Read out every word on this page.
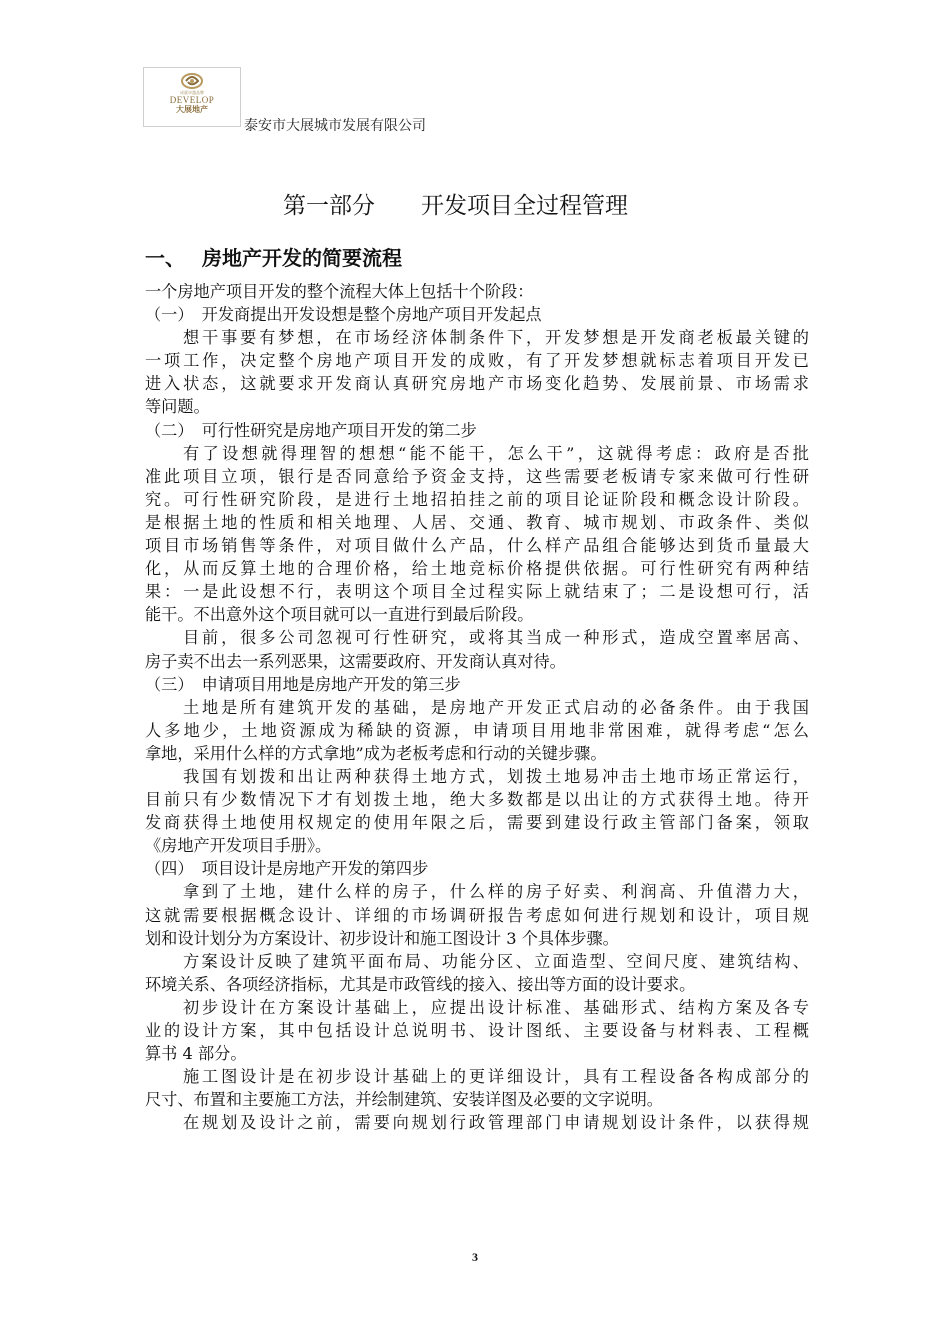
成就卓越品牌
DEVELOP
大展地产
泰安市大展城市发展有限公司
第一部分　　开发项目全过程管理
一、　 房地产开发的简要流程
一个房地产项目开发的整个流程大体上包括十个阶段：
（一）　开发商提出开发设想是整个房地产项目开发起点
想干事要有梦想，在市场经济体制条件下，开发梦想是开发商老板最关键的
一项工作，决定整个房地产项目开发的成败，有了开发梦想就标志着项目开发已
进入状态，这就要求开发商认真研究房地产市场变化趋势、发展前景、市场需求
等问题。
（二）　可行性研究是房地产项目开发的第二步
有了设想就得理智的想想“能不能干，怎么干”，这就得考虑：政府是否批
准此项目立项，银行是否同意给予资金支持，这些需要老板请专家来做可行性研
究。可行性研究阶段，是进行土地招拍挂之前的项目论证阶段和概念设计阶段。
是根据土地的性质和相关地理、人居、交通、教育、城市规划、市政条件、类似
项目市场销售等条件，对项目做什么产品，什么样产品组合能够达到货币量最大
化，从而反算土地的合理价格，给土地竞标价格提供依据。可行性研究有两种结
果：一是此设想不行，表明这个项目全过程实际上就结束了；二是设想可行，活
能干。不出意外这个项目就可以一直进行到最后阶段。
目前，很多公司忽视可行性研究，或将其当成一种形式，造成空置率居高、
房子卖不出去一系列恶果，这需要政府、开发商认真对待。
（三）　申请项目用地是房地产开发的第三步
土地是所有建筑开发的基础，是房地产开发正式启动的必备条件。由于我国
人多地少，土地资源成为稀缺的资源，申请项目用地非常困难，就得考虑“怎么
拿地，采用什么样的方式拿地”成为老板考虑和行动的关键步骤。
我国有划拨和出让两种获得土地方式，划拨土地易冲击土地市场正常运行，
目前只有少数情况下才有划拨土地，绝大多数都是以出让的方式获得土地。待开
发商获得土地使用权规定的使用年限之后，需要到建设行政主管部门备案，领取
《房地产开发项目手册》。
（四）　项目设计是房地产开发的第四步
拿到了土地，建什么样的房子，什么样的房子好卖、利润高、升值潜力大，
这就需要根据概念设计、详细的市场调研报告考虑如何进行规划和设计，项目规
划和设计划分为方案设计、初步设计和施工图设计 3 个具体步骤。
方案设计反映了建筑平面布局、功能分区、立面造型、空间尺度、建筑结构、
环境关系、各项经济指标，尤其是市政管线的接入、接出等方面的设计要求。
初步设计在方案设计基础上，应提出设计标准、基础形式、结构方案及各专
业的设计方案，其中包括设计总说明书、设计图纸、主要设备与材料表、工程概
算书 4 部分。
施工图设计是在初步设计基础上的更详细设计，具有工程设备各构成部分的
尺寸、布置和主要施工方法，并绘制建筑、安装详图及必要的文字说明。
在规划及设计之前，需要向规划行政管理部门申请规划设计条件，以获得规
3
